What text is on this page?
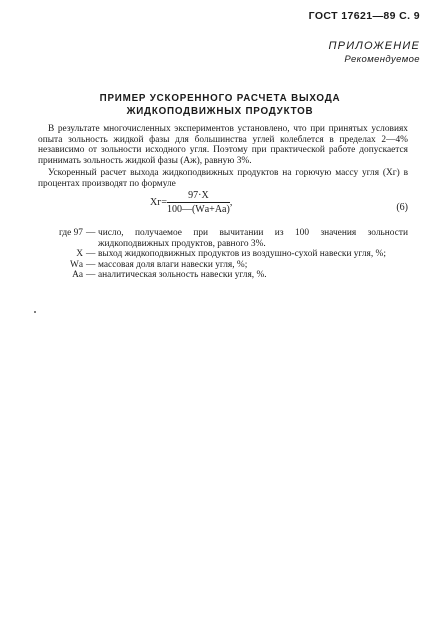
ГОСТ 17621—89 С. 9
ПРИЛОЖЕНИЕ
Рекомендуемое
ПРИМЕР УСКОРЕННОГО РАСЧЕТА ВЫХОДА
ЖИДКОПОДВИЖНЫХ ПРОДУКТОВ
В результате многочисленных экспериментов установлено, что при принятых условиях опыта зольность жидкой фазы для большинства углей колеблется в пределах 2—4% независимо от зольности исходного угля. Поэтому при практической работе допускается принимать зольность жидкой фазы (Aж), равную 3%.
Ускоренный расчет выхода жидкоподвижных продуктов на горючую массу угля (Xг) в процентах производят по формуле
$Xг= \frac{97\cdot X}{100—(Wа+Aа)}$ ,	(6)
где 97 — число, получаемое при вычитании из 100 значения зольности жидкоподвижных продуктов, равного 3%.
X — выход жидкоподвижных продуктов из воздушно-сухой навески угля, %;
Wа — массовая доля влаги навески угля, %;
Aа — аналитическая зольность навески угля, %.
